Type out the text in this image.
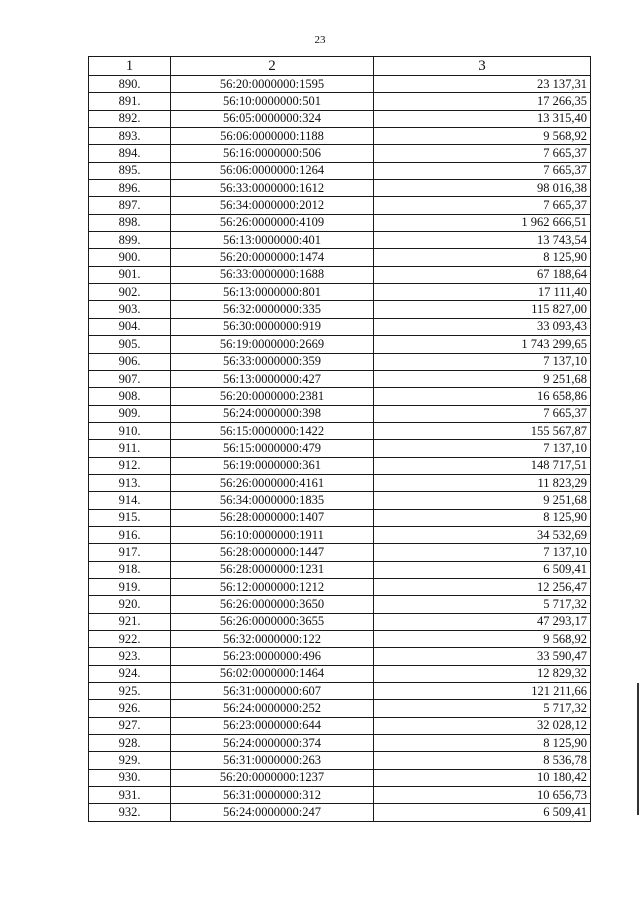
23
1	2	3
890.	56:20:0000000:1595	23 137,31
891.	56:10:0000000:501	17 266,35
892.	56:05:0000000:324	13 315,40
893.	56:06:0000000:1188	9 568,92
894.	56:16:0000000:506	7 665,37
895.	56:06:0000000:1264	7 665,37
896.	56:33:0000000:1612	98 016,38
897.	56:34:0000000:2012	7 665,37
898.	56:26:0000000:4109	1 962 666,51
899.	56:13:0000000:401	13 743,54
900.	56:20:0000000:1474	8 125,90
901.	56:33:0000000:1688	67 188,64
902.	56:13:0000000:801	17 111,40
903.	56:32:0000000:335	115 827,00
904.	56:30:0000000:919	33 093,43
905.	56:19:0000000:2669	1 743 299,65
906.	56:33:0000000:359	7 137,10
907.	56:13:0000000:427	9 251,68
908.	56:20:0000000:2381	16 658,86
909.	56:24:0000000:398	7 665,37
910.	56:15:0000000:1422	155 567,87
911.	56:15:0000000:479	7 137,10
912.	56:19:0000000:361	148 717,51
913.	56:26:0000000:4161	11 823,29
914.	56:34:0000000:1835	9 251,68
915.	56:28:0000000:1407	8 125,90
916.	56:10:0000000:1911	34 532,69
917.	56:28:0000000:1447	7 137,10
918.	56:28:0000000:1231	6 509,41
919.	56:12:0000000:1212	12 256,47
920.	56:26:0000000:3650	5 717,32
921.	56:26:0000000:3655	47 293,17
922.	56:32:0000000:122	9 568,92
923.	56:23:0000000:496	33 590,47
924.	56:02:0000000:1464	12 829,32
925.	56:31:0000000:607	121 211,66
926.	56:24:0000000:252	5 717,32
927.	56:23:0000000:644	32 028,12
928.	56:24:0000000:374	8 125,90
929.	56:31:0000000:263	8 536,78
930.	56:20:0000000:1237	10 180,42
931.	56:31:0000000:312	10 656,73
932.	56:24:0000000:247	6 509,41
